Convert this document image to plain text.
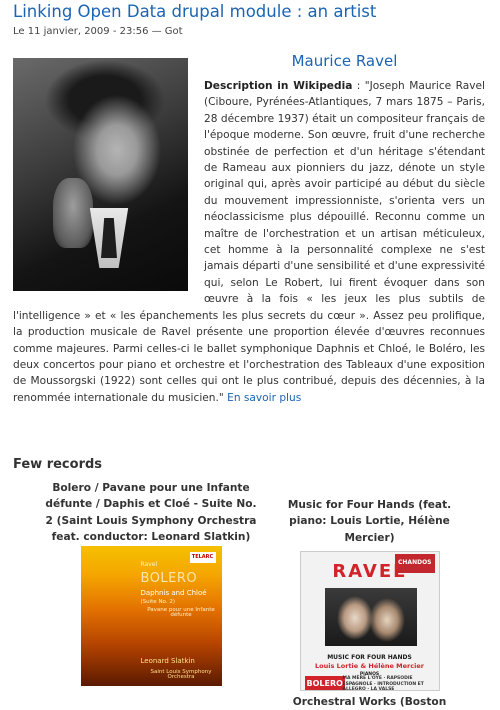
Linking Open Data drupal module : an artist
Le 11 janvier, 2009 - 23:56 — Got
Maurice Ravel

Description in Wikipedia : "Joseph Maurice Ravel (Ciboure, Pyrénées-Atlantiques, 7 mars 1875 – Paris, 28 décembre 1937) était un compositeur français de l'époque moderne. Son œuvre, fruit d'une recherche obstinée de perfection et d'un héritage s'étendant de Rameau aux pionniers du jazz, dénote un style original qui, après avoir participé au début du siècle du mouvement impressionniste, s'orienta vers un néoclassicisme plus dépouillé. Reconnu comme un maître de l'orchestration et un artisan méticuleux, cet homme à la personnalité complexe ne s'est jamais départi d'une sensibilité et d'une expressivité qui, selon Le Robert, lui firent évoquer dans son œuvre à la fois « les jeux les plus subtils de l'intelligence » et « les épanchements les plus secrets du cœur ». Assez peu prolifique, la production musicale de Ravel présente une proportion élevée d'œuvres reconnues comme majeures. Parmi celles-ci le ballet symphonique Daphnis et Chloé, le Boléro, les deux concertos pour piano et orchestre et l'orchestration des Tableaux d'une exposition de Moussorgski (1922) sont celles qui ont le plus contribué, depuis des décennies, à la renommée internationale du musicien." En savoir plus

Few records
Bolero / Pavane pour une Infante défunte / Daphis et Cloé - Suite No. 2 (Saint Louis Symphony Orchestra feat. conductor: Leonard Slatkin)
TELARC
Ravel
BOLERO
Daphnis and Chloé
(Suite No. 2)
Pavane pour une Infante défunte
Leonard Slatkin
Saint Louis Symphony Orchestra
Music for Four Hands (feat. piano: Louis Lortie, Hélène Mercier)
CHANDOS
RAVEL
MUSIC FOR FOUR HANDS
Louis Lortie & Hélène Mercier
PIANOS
BOLERO
MA MÈRE L'OYE · RAPSODIE ESPAGNOLE · INTRODUCTION ET ALLEGRO · LA VALSE
Orchestral Works (Boston
